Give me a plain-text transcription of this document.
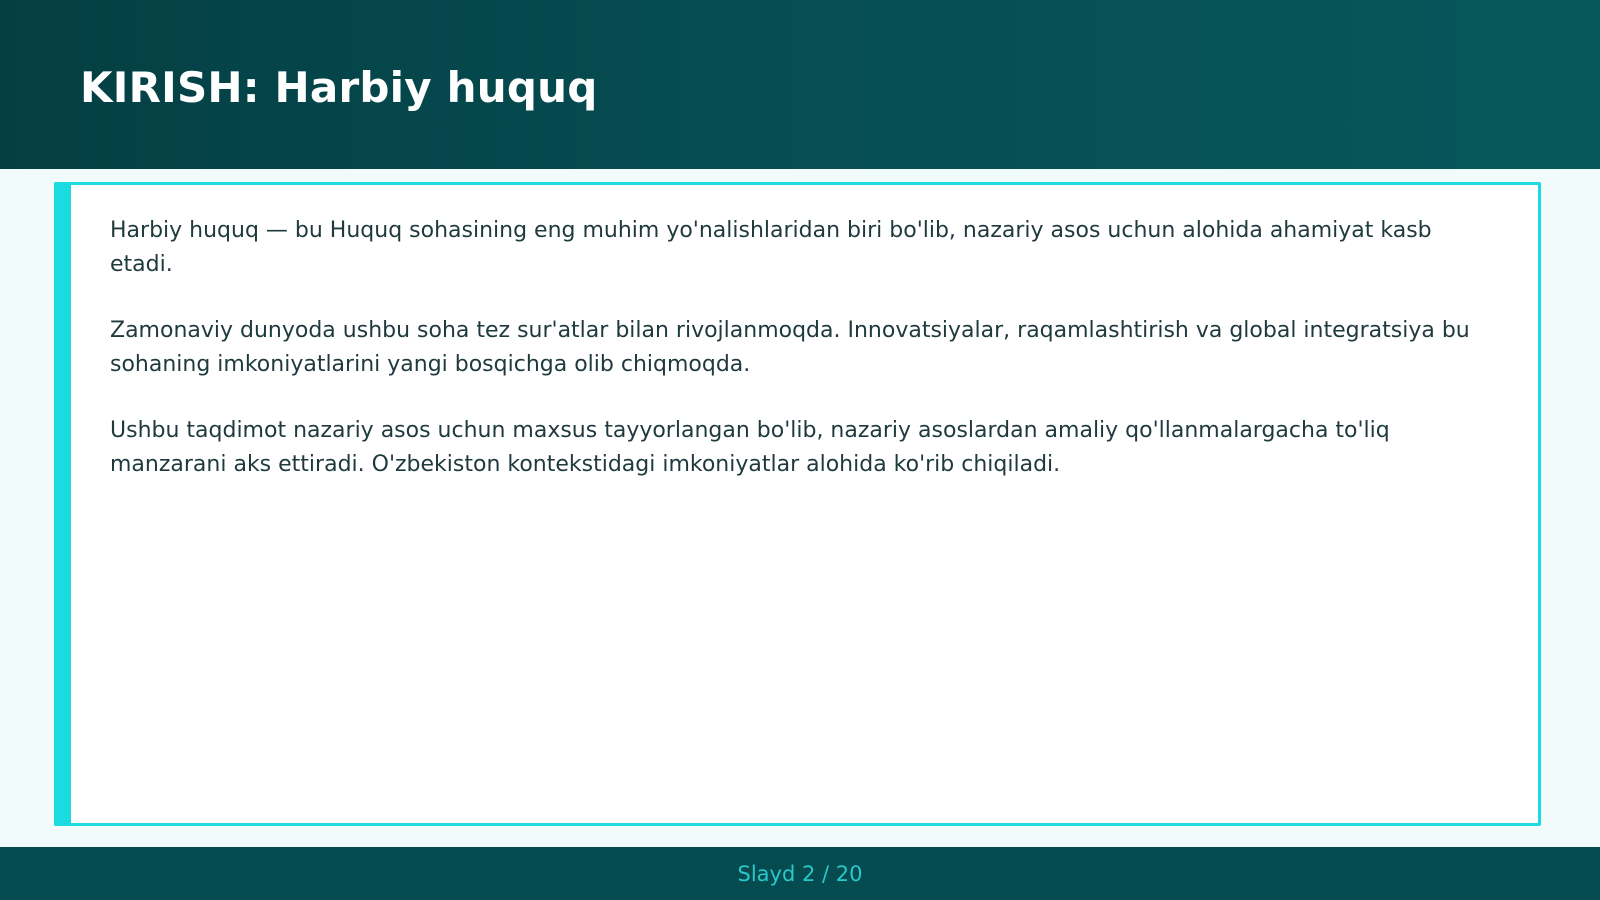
KIRISH: Harbiy huquq

Harbiy huquq — bu Huquq sohasining eng muhim yo'nalishlaridan biri bo'lib, nazariy asos uchun alohida ahamiyat kasb etadi.

Zamonaviy dunyoda ushbu soha tez sur'atlar bilan rivojlanmoqda. Innovatsiyalar, raqamlashtirish va global integratsiya bu sohaning imkoniyatlarini yangi bosqichga olib chiqmoqda.

Ushbu taqdimot nazariy asos uchun maxsus tayyorlangan bo'lib, nazariy asoslardan amaliy qo'llanmalargacha to'liq manzarani aks ettiradi. O'zbekiston kontekstidagi imkoniyatlar alohida ko'rib chiqiladi.

Slayd 2 / 20
